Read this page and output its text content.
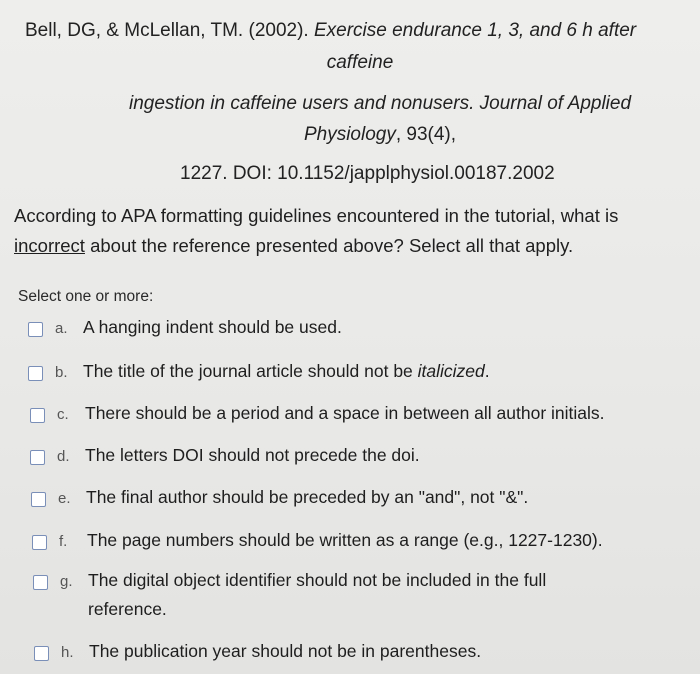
Bell, DG, & McLellan, TM. (2002). Exercise endurance 1, 3, and 6 h after
caffeine
ingestion in caffeine users and nonusers. Journal of Applied
Physiology, 93(4),
1227. DOI: 10.1152/japplphysiol.00187.2002
According to APA formatting guidelines encountered in the tutorial, what is incorrect about the reference presented above? Select all that apply.
Select one or more:
a. A hanging indent should be used.
b. The title of the journal article should not be italicized.
c. There should be a period and a space in between all author initials.
d. The letters DOI should not precede the doi.
e. The final author should be preceded by an "and", not "&".
f.	The page numbers should be written as a range (e.g., 1227-1230).
g. The digital object identifier should not be included in the full reference.
h. The publication year should not be in parentheses.
